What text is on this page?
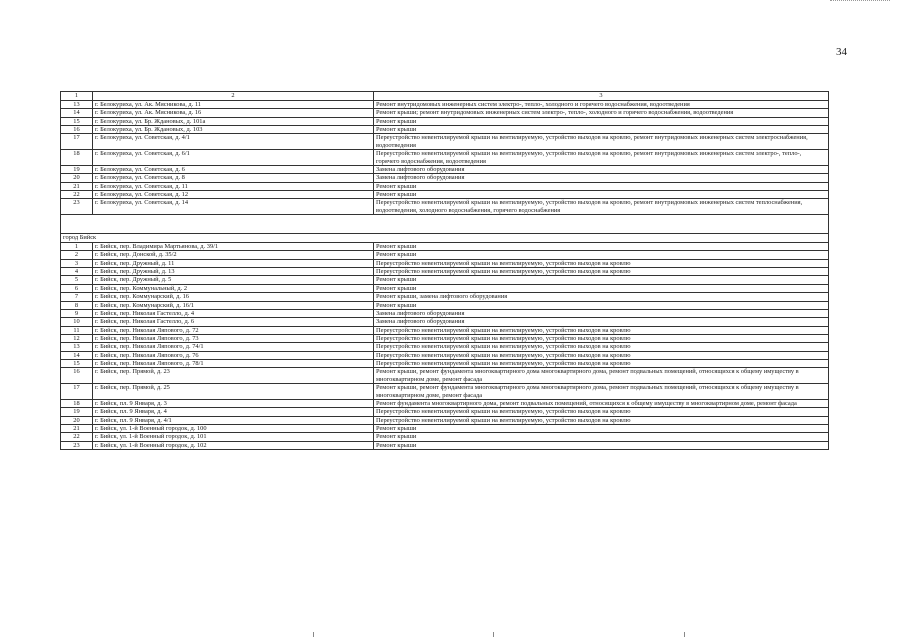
34
1	2	3
13	г. Белокуриха, ул. Ак. Мясникова, д. 11	Ремонт внутридомовых инженерных систем электро-, тепло-, холодного и горячего водоснабжения, водоотведения
14	г. Белокуриха, ул. Ак. Мясникова, д. 16	Ремонт крыши; ремонт внутридомовых инженерных систем электро-, тепло-, холодного и горячего водоснабжения, водоотведения
15	г. Белокуриха, ул. Бр. Ждановых, д. 101а	Ремонт крыши
16	г. Белокуриха, ул. Бр. Ждановых, д. 103	Ремонт крыши
17	г. Белокуриха, ул. Советская, д. 4/1	Переустройство невентилируемой крыши на вентилируемую, устройство выходов на кровлю, ремонт внутридомовых инженерных систем электроснабжения, водоотведения
18	г. Белокуриха, ул. Советская, д. 6/1	Переустройство невентилируемой крыши на вентилируемую, устройство выходов на кровлю, ремонт внутридомовых инженерных систем электро-, тепло-, горячего водоснабжения, водоотведения
19	г. Белокуриха, ул. Советская, д. 6	Замена лифтового оборудования
20	г. Белокуриха, ул. Советская, д. 8	Замена лифтового оборудования
21	г. Белокуриха, ул. Советская, д. 11	Ремонт крыши
22	г. Белокуриха, ул. Советская, д. 12	Ремонт крыши
23	г. Белокуриха, ул. Советская, д. 14	Переустройство невентилируемой крыши на вентилируемую, устройство выходов на кровлю, ремонт внутридомовых инженерных систем теплоснабжения, водоотведения, холодного водоснабжения, горячего водоснабжения

город Бийск		
1	г. Бийск, пер. Владимира Мартьянова, д. 39/1	Ремонт крыши
2	г. Бийск, пер. Донской, д. 35/2	Ремонт крыши
3	г. Бийск, пер. Дружный, д. 11	Переустройство невентилируемой крыши на вентилируемую, устройство выходов на кровлю
4	г. Бийск, пер. Дружный, д. 13	Переустройство невентилируемой крыши на вентилируемую, устройство выходов на кровлю
5	г. Бийск, пер. Дружный, д. 5	Ремонт крыши
6	г. Бийск, пер. Коммунальный, д. 2	Ремонт крыши
7	г. Бийск, пер. Коммунарский, д. 16	Ремонт крыши, замена лифтового оборудования
8	г. Бийск, пер. Коммунарский, д. 16/1	Ремонт крыши
9	г. Бийск, пер. Николая Гастелло, д. 4	Замена лифтового оборудования
10	г. Бийск, пер. Николая Гастелло, д. 6	Замена лифтового оборудования
11	г. Бийск, пер. Николая Ляпового, д. 72	Переустройство невентилируемой крыши на вентилируемую, устройство выходов на кровлю
12	г. Бийск, пер. Николая Ляпового, д. 73	Переустройство невентилируемой крыши на вентилируемую, устройство выходов на кровлю
13	г. Бийск, пер. Николая Ляпового, д. 74/1	Переустройство невентилируемой крыши на вентилируемую, устройство выходов на кровлю
14	г. Бийск, пер. Николая Ляпового, д. 76	Переустройство невентилируемой крыши на вентилируемую, устройство выходов на кровлю
15	г. Бийск, пер. Николая Ляпового, д. 78/1	Переустройство невентилируемой крыши на вентилируемую, устройство выходов на кровлю
16	г. Бийск, пер. Прямой, д. 23	Ремонт крыши, ремонт фундамента многоквартирного дома многоквартирного дома, ремонт подвальных помещений, относящихся к общему имуществу в многоквартирном доме, ремонт фасада
17	г. Бийск, пер. Прямой, д. 25	Ремонт крыши, ремонт фундамента многоквартирного дома многоквартирного дома, ремонт подвальных помещений, относящихся к общему имуществу в многоквартирном доме, ремонт фасада
18	г. Бийск, пл. 9 Января, д. 3	Ремонт фундамента многоквартирного дома, ремонт подвальных помещений, относящихся к общему имуществу в многоквартирном доме, ремонт фасада
19	г. Бийск, пл. 9 Января, д. 4	Переустройство невентилируемой крыши на вентилируемую, устройство выходов на кровлю
20	г. Бийск, пл. 9 Января, д. 4/1	Переустройство невентилируемой крыши на вентилируемую, устройство выходов на кровлю
21	г. Бийск, ул. 1-й Военный городок, д. 100	Ремонт крыши
22	г. Бийск, ул. 1-й Военный городок, д. 101	Ремонт крыши
23	г. Бийск, ул. 1-й Военный городок, д. 102	Ремонт крыши
